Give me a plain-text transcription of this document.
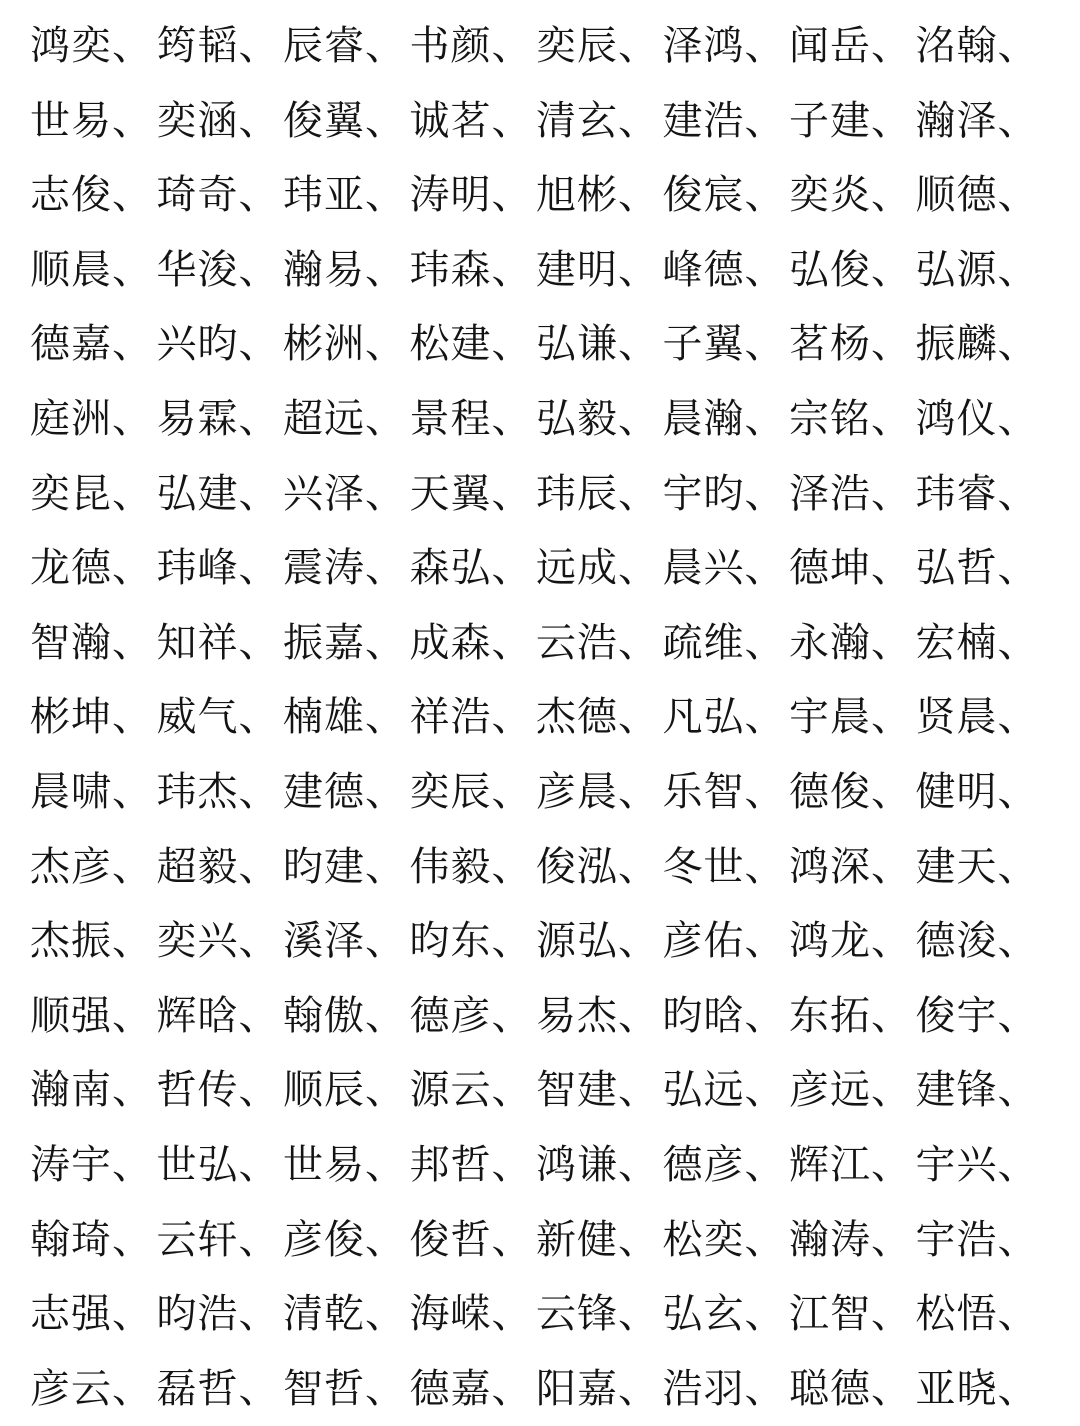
鸿奕、 筠韬、 辰睿、 书颜、 奕辰、 泽鸿、 闻岳、 洺翰、
世易、 奕涵、 俊翼、 诚茗、 清玄、 建浩、 子建、 瀚泽、
志俊、 琦奇、 玮亚、 涛明、 旭彬、 俊宸、 奕炎、 顺德、
顺晨、 华浚、 瀚易、 玮森、 建明、 峰德、 弘俊、 弘源、
德嘉、 兴昀、 彬洲、 松建、 弘谦、 子翼、 茗杨、 振麟、
庭洲、 易霖、 超远、 景程、 弘毅、 晨瀚、 宗铭、 鸿仪、
奕昆、 弘建、 兴泽、 天翼、 玮辰、 宇昀、 泽浩、 玮睿、
龙德、 玮峰、 震涛、 森弘、 远成、 晨兴、 德坤、 弘哲、
智瀚、 知祥、 振嘉、 成森、 云浩、 疏维、 永瀚、 宏楠、
彬坤、 威气、 楠雄、 祥浩、 杰德、 凡弘、 宇晨、 贤晨、
晨啸、 玮杰、 建德、 奕辰、 彦晨、 乐智、 德俊、 健明、
杰彦、 超毅、 昀建、 伟毅、 俊泓、 冬世、 鸿深、 建天、
杰振、 奕兴、 溪泽、 昀东、 源弘、 彦佑、 鸿龙、 德浚、
顺强、 辉晗、 翰傲、 德彦、 易杰、 昀晗、 东拓、 俊宇、
瀚南、 哲传、 顺辰、 源云、 智建、 弘远、 彦远、 建锋、
涛宇、 世弘、 世易、 邦哲、 鸿谦、 德彦、 辉江、 宇兴、
翰琦、 云轩、 彦俊、 俊哲、 新健、 松奕、 瀚涛、 宇浩、
志强、 昀浩、 清乾、 海嵘、 云锋、 弘玄、 江智、 松悟、
彦云、 磊哲、 智哲、 德嘉、 阳嘉、 浩羽、 聪德、 亚晓、
